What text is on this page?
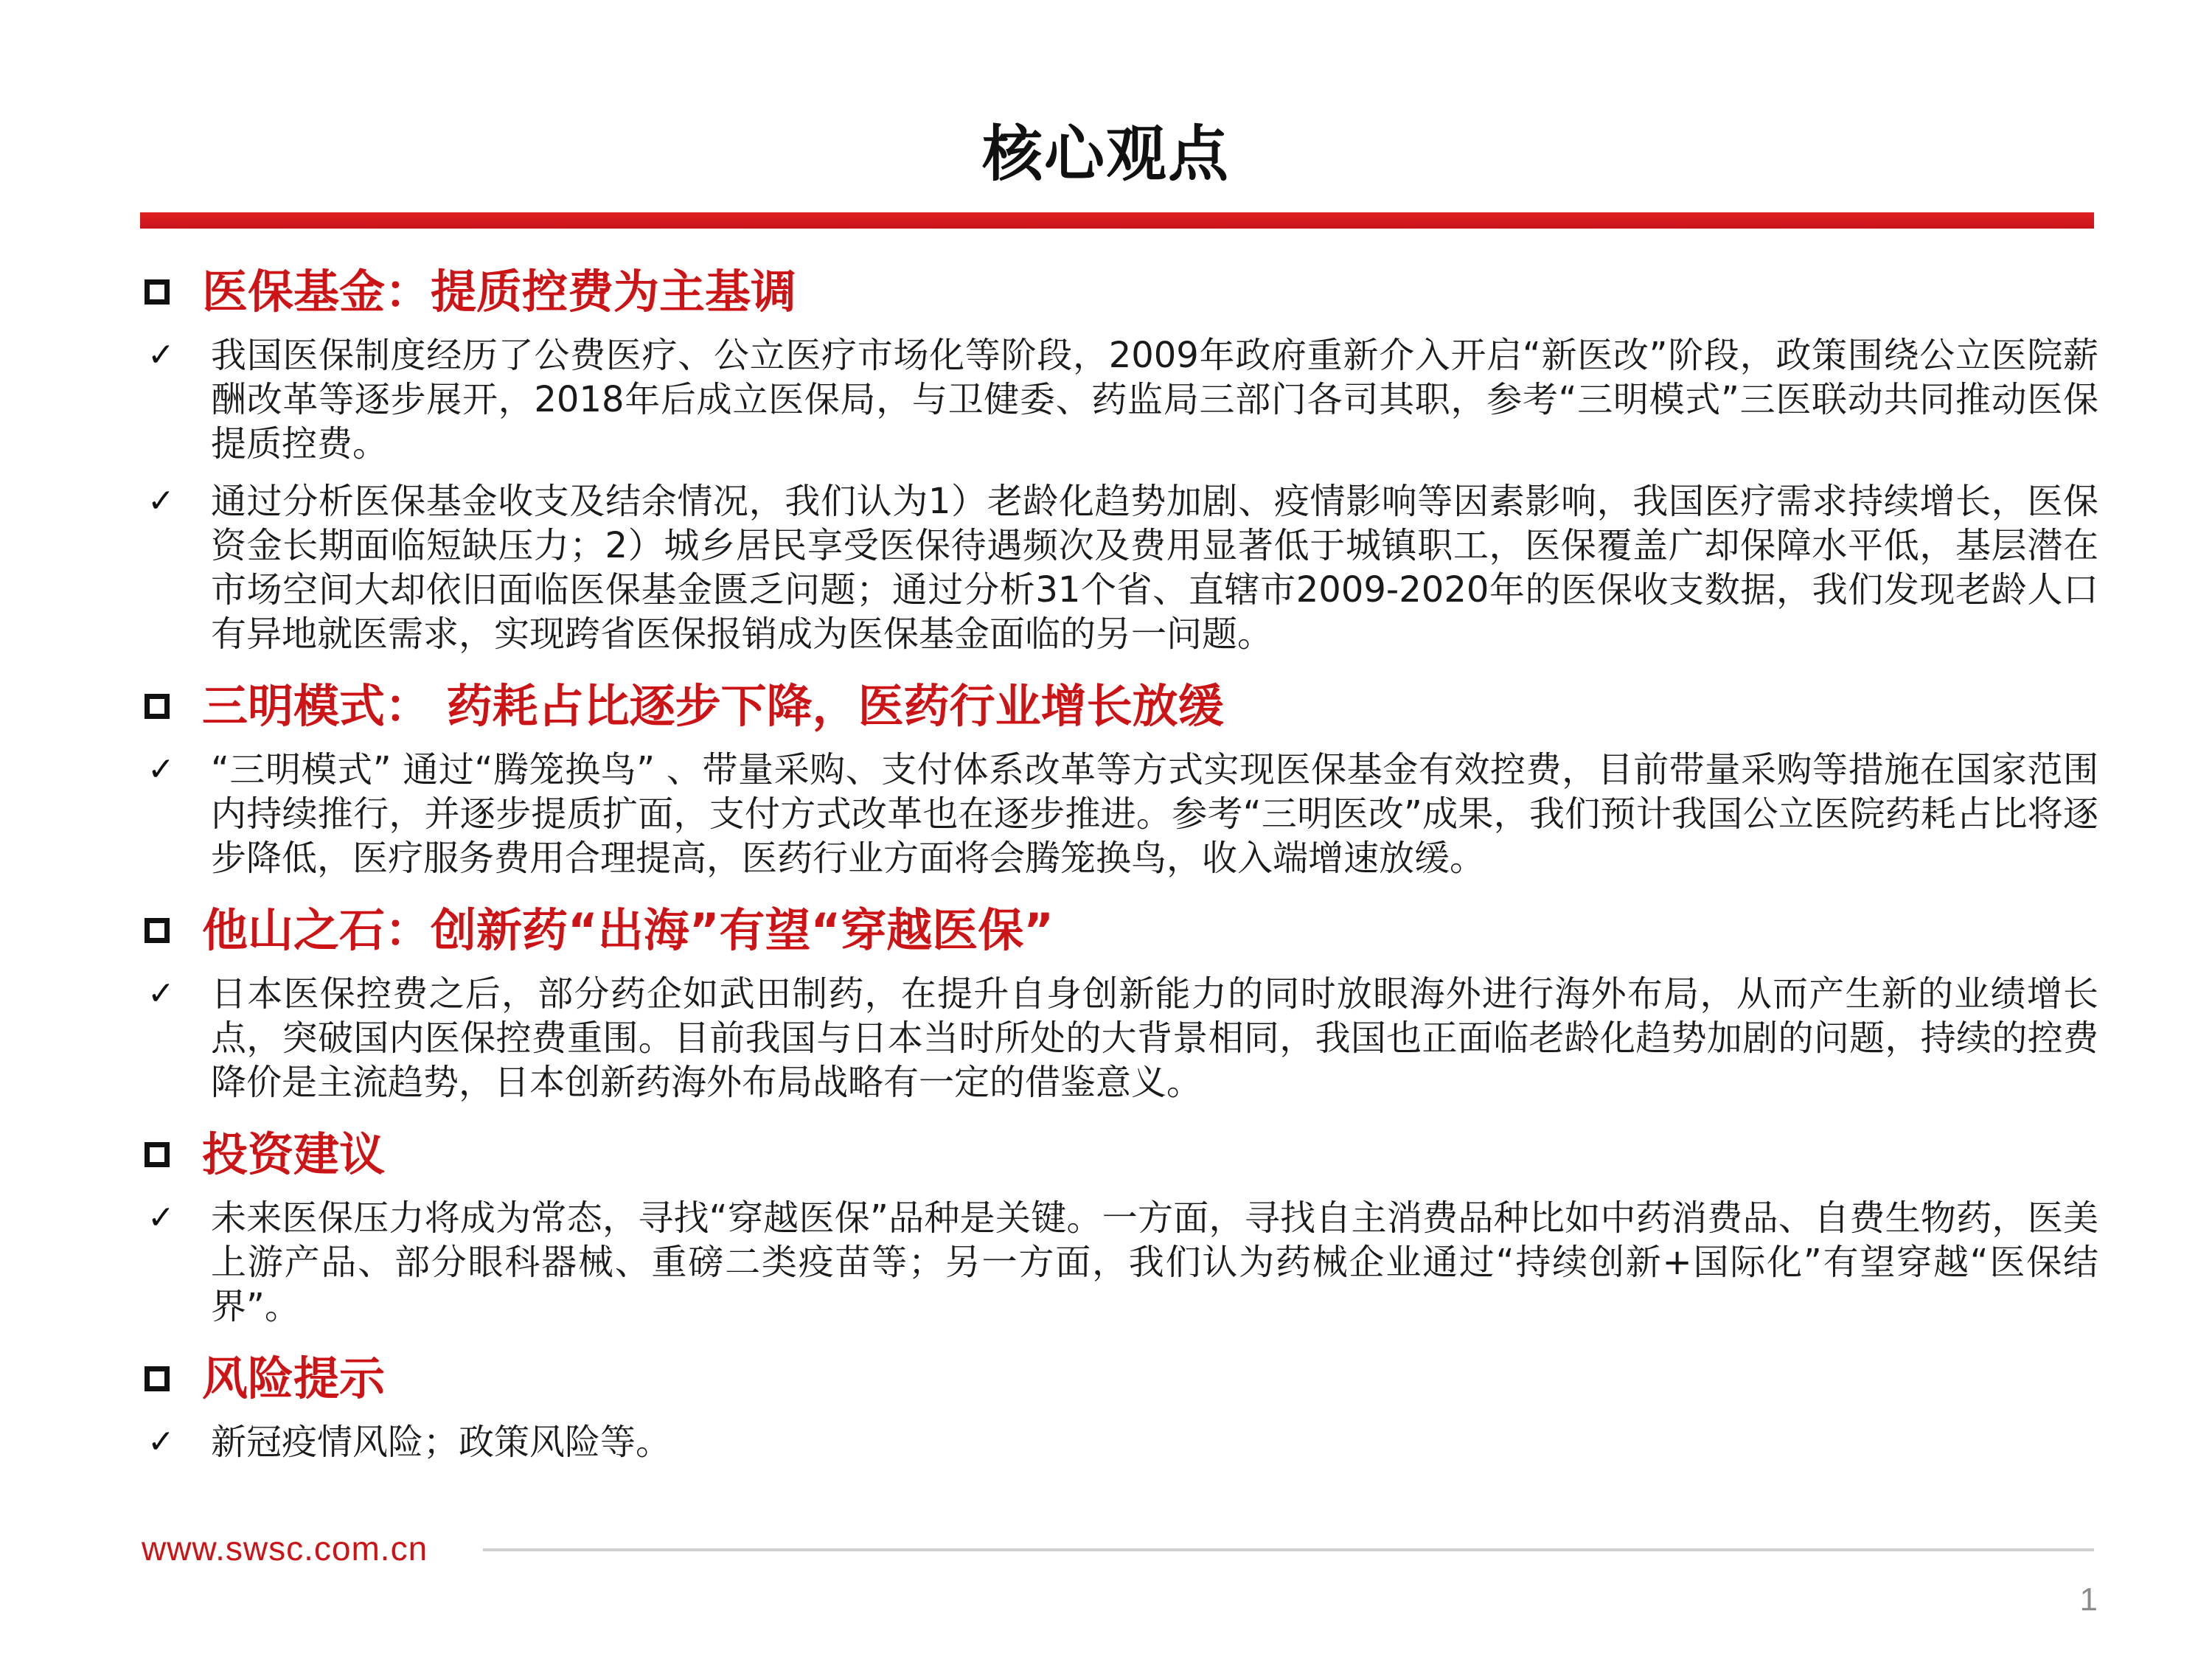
核心观点
医保基金：提质控费为主基调
✓	我国医保制度经历了公费医疗、公立医疗市场化等阶段，2009年政府重新介入开启“新医改”阶段，政策围绕公立医院薪酬改革等逐步展开，2018年后成立医保局，与卫健委、药监局三部门各司其职，参考“三明模式”三医联动共同推动医保提质控费。
✓	通过分析医保基金收支及结余情况，我们认为1）老龄化趋势加剧、疫情影响等因素影响，我国医疗需求持续增长，医保资金长期面临短缺压力；2）城乡居民享受医保待遇频次及费用显著低于城镇职工，医保覆盖广却保障水平低，基层潜在市场空间大却依旧面临医保基金匮乏问题；通过分析31个省、直辖市2009-2020年的医保收支数据，我们发现老龄人口有异地就医需求，实现跨省医保报销成为医保基金面临的另一问题。
三明模式： 药耗占比逐步下降，医药行业增长放缓
✓	“三明模式” 通过“腾笼换鸟” 、带量采购、支付体系改革等方式实现医保基金有效控费，目前带量采购等措施在国家范围内持续推行，并逐步提质扩面，支付方式改革也在逐步推进。参考“三明医改”成果，我们预计我国公立医院药耗占比将逐步降低，医疗服务费用合理提高，医药行业方面将会腾笼换鸟，收入端增速放缓。
他山之石：创新药“出海”有望“穿越医保”
✓	日本医保控费之后，部分药企如武田制药，在提升自身创新能力的同时放眼海外进行海外布局，从而产生新的业绩增长点，突破国内医保控费重围。目前我国与日本当时所处的大背景相同，我国也正面临老龄化趋势加剧的问题，持续的控费降价是主流趋势，日本创新药海外布局战略有一定的借鉴意义。
投资建议
✓	未来医保压力将成为常态，寻找“穿越医保”品种是关键。一方面，寻找自主消费品种比如中药消费品、自费生物药，医美上游产品、部分眼科器械、重磅二类疫苗等；另一方面，我们认为药械企业通过“持续创新+国际化”有望穿越“医保结界”。
风险提示
✓	新冠疫情风险；政策风险等。
www.swsc.com.cn
1
